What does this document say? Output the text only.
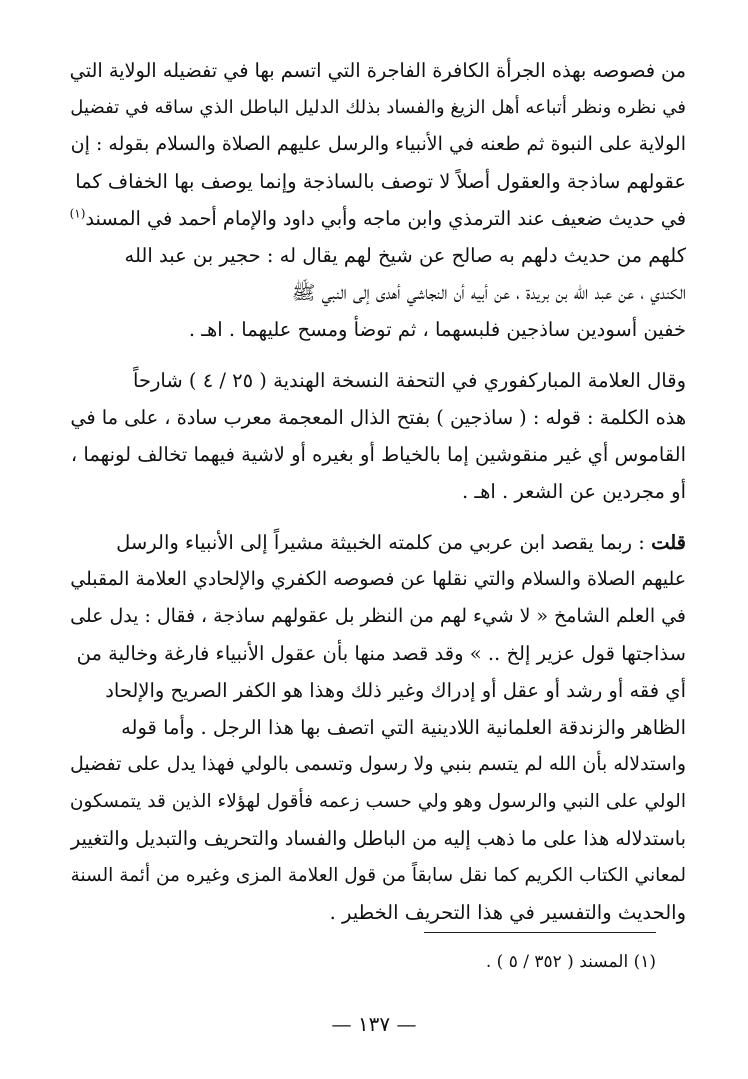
من فصوصه بهذه الجرأة الكافرة الفاجرة التي اتسم بها في تفضيله الولاية التي
في نظره ونظر أتباعه أهل الزيغ والفساد بذلك الدليل الباطل الذي ساقه في تفضيل
الولاية على النبوة ثم طعنه في الأنبياء والرسل عليهم الصلاة والسلام بقوله : إن
عقولهم ساذجة والعقول أصلاً لا توصف بالساذجة وإنما يوصف بها الخفاف كما
في حديث ضعيف عند الترمذي وابن ماجه وأبي داود والإمام أحمد في المسند$^{(١)}$
كلهم من حديث دلهم به صالح عن شيخ لهم يقال له : حجير بن عبد الله
الكندي ، عن عبد الله بن بريدة ، عن أبيه أن النجاشي أهدى إلى النبي ﷺ
خفين أسودين ساذجين فلبسهما ، ثم توضأ ومسح عليهما . اهـ .
وقال العلامة المباركفوري في التحفة النسخة الهندية ( ٢٥ / ٤ ) شارحاً
هذه الكلمة : قوله : ( ساذجين ) بفتح الذال المعجمة معرب سادة ، على ما في
القاموس أي غير منقوشين إما بالخياط أو بغيره أو لاشية فيهما تخالف لونهما ،
أو مجردين عن الشعر . اهـ .
قلت : ربما يقصد ابن عربي من كلمته الخبيثة مشيراً إلى الأنبياء والرسل
عليهم الصلاة والسلام والتي نقلها عن فصوصه الكفري والإلحادي العلامة المقبلي
في العلم الشامخ « لا شيء لهم من النظر بل عقولهم ساذجة ، فقال : يدل على
سذاجتها قول عزير إلخ .. » وقد قصد منها بأن عقول الأنبياء فارغة وخالية من
أي فقه أو رشد أو عقل أو إدراك وغير ذلك وهذا هو الكفر الصريح والإلحاد
الظاهر والزندقة العلمانية اللادينية التي اتصف بها هذا الرجل . وأما قوله
واستدلاله بأن الله لم يتسم بنبي ولا رسول وتسمى بالولي فهذا يدل على تفضيل
الولي على النبي والرسول وهو ولي حسب زعمه فأقول لهؤلاء الذين قد يتمسكون
باستدلاله هذا على ما ذهب إليه من الباطل والفساد والتحريف والتبديل والتغيير
لمعاني الكتاب الكريم كما نقل سابقاً من قول العلامة المزى وغيره من أئمة السنة
والحديث والتفسير في هذا التحريف الخطير .
(١) المسند ( ٣٥٢ / ٥ ) .
— ١٣٧ —
